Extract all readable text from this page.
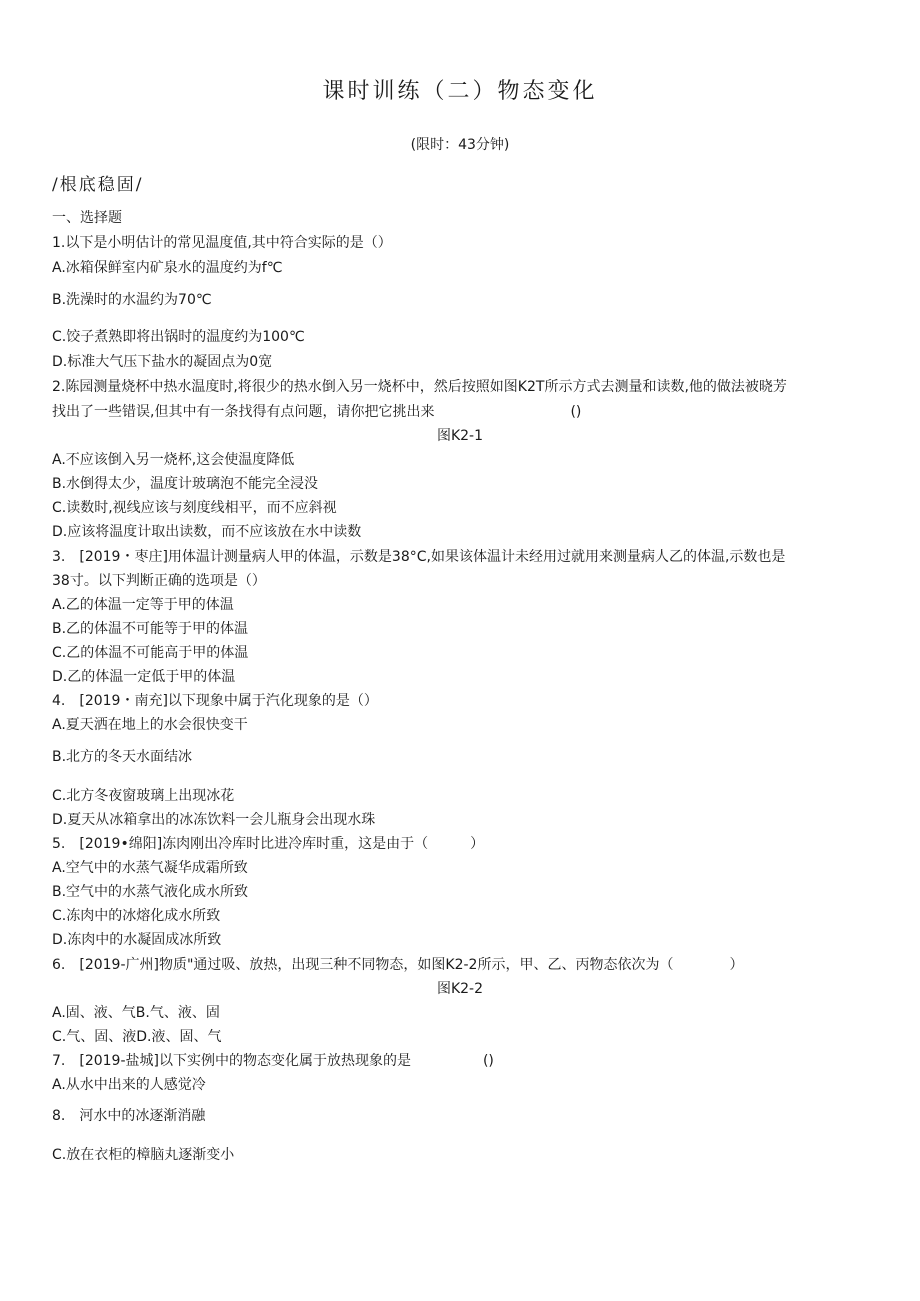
课时训练（二）物态变化
(限时：43分钟)
/根底稳固/
一、选择题
1.以下是小明估计的常见温度值,其中符合实际的是（）
A.冰箱保鲜室内矿泉水的温度约为f℃
B.洗澡时的水温约为70℃
C.饺子煮熟即将出锅时的温度约为100℃
D.标准大气压下盐水的凝固点为0宽
2.陈园测量烧杯中热水温度时,将很少的热水倒入另一烧杯中，然后按照如图K2T所示方式去测量和读数,他的做法被晓芳
找出了一些错误,但其中有一条找得有点问题，请你把它挑出来	()
图K2-1
A.不应该倒入另一烧杯,这会使温度降低
B.水倒得太少，温度计玻璃泡不能完全浸没
C.读数时,视线应该与刻度线相平，而不应斜视
D.应该将温度计取出读数，而不应该放在水中读数
3.　[2019・枣庄]用体温计测量病人甲的体温，示数是38°C,如果该体温计未经用过就用来测量病人乙的体温,示数也是
38寸。以下判断正确的选项是（）
A.乙的体温一定等于甲的体温
B.乙的体温不可能等于甲的体温
C.乙的体温不可能高于甲的体温
D.乙的体温一定低于甲的体温
4.　[2019・南充]以下现象中属于汽化现象的是（）
A.夏天洒在地上的水会很快变干
B.北方的冬天水面结冰
C.北方冬夜窗玻璃上出现冰花
D.夏天从冰箱拿出的冰冻饮料一会儿瓶身会出现水珠
5.　[2019•绵阳]冻肉刚出冷库时比进冷库时重，这是由于（　　　）
A.空气中的水蒸气凝华成霜所致
B.空气中的水蒸气液化成水所致
C.冻肉中的冰熔化成水所致
D.冻肉中的水凝固成冰所致
6.　[2019-广州]物质"通过吸、放热，出现三种不同物态，如图K2-2所示，甲、乙、丙物态依次为（　　　　）
图K2-2
A.固、液、气B.气、液、固
C.气、固、液D.液、固、气
7.　[2019-盐城]以下实例中的物态变化属于放热现象的是	()
A.从水中出来的人感觉冷
8.　河水中的冰逐渐消融
C.放在衣柜的樟脑丸逐渐变小
